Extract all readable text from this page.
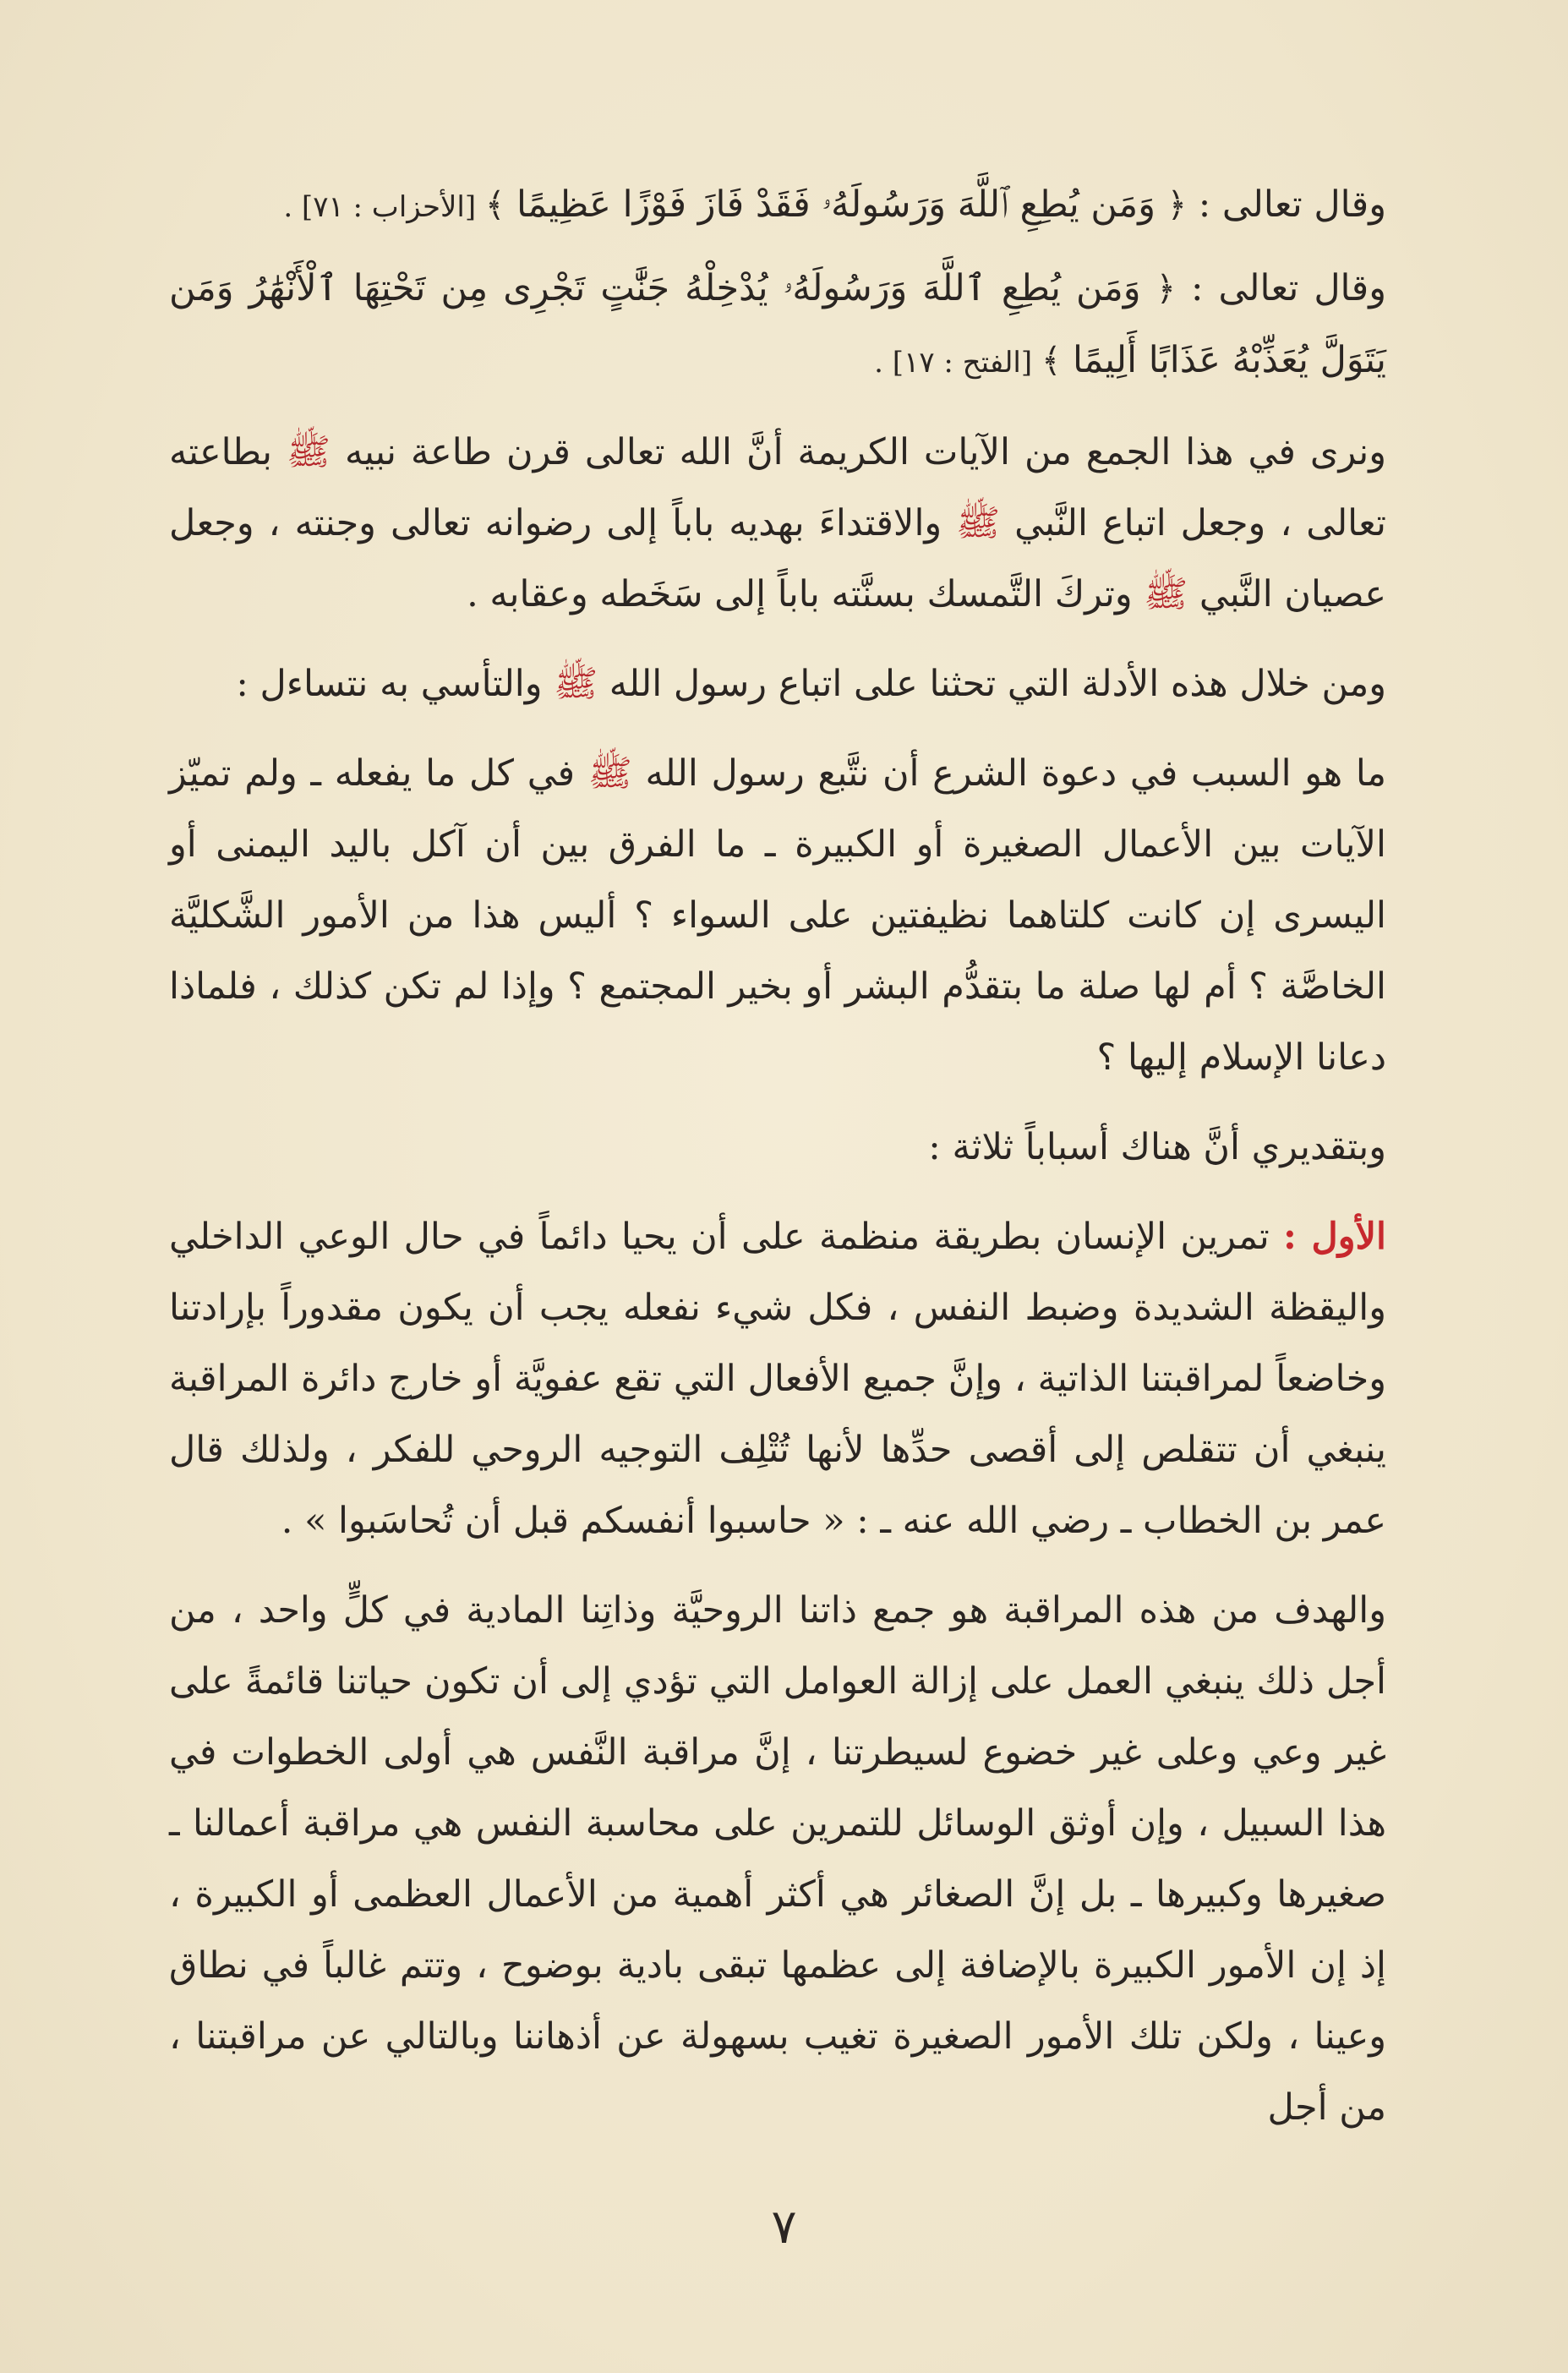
وقال تعالى : ﴿ وَمَن يُطِعِ ٱللَّهَ وَرَسُولَهُۥ فَقَدْ فَازَ فَوْزًا عَظِيمًا ﴾ [الأحزاب : ٧١] .

وقال تعالى : ﴿ وَمَن يُطِعِ ٱللَّهَ وَرَسُولَهُۥ يُدْخِلْهُ جَنَّٰتٍ تَجْرِى مِن تَحْتِهَا ٱلْأَنْهَٰرُ وَمَن يَتَوَلَّ يُعَذِّبْهُ عَذَابًا أَلِيمًا ﴾ [الفتح : ١٧] .

ونرى في هذا الجمع من الآيات الكريمة أنَّ الله تعالى قرن طاعة نبيه ﷺ بطاعته تعالى ، وجعل اتباع النَّبي ﷺ والاقتداءَ بهديه باباً إلى رضوانه تعالى وجنته ، وجعل عصيان النَّبي ﷺ وتركَ التَّمسك بسنَّته باباً إلى سَخَطه وعقابه .

ومن خلال هذه الأدلة التي تحثنا على اتباع رسول الله ﷺ والتأسي به نتساءل :

ما هو السبب في دعوة الشرع أن نتَّبع رسول الله ﷺ في كل ما يفعله ـ ولم تميّز الآيات بين الأعمال الصغيرة أو الكبيرة ـ ما الفرق بين أن آكل باليد اليمنى أو اليسرى إن كانت كلتاهما نظيفتين على السواء ؟ أليس هذا من الأمور الشَّكليَّة الخاصَّة ؟ أم لها صلة ما بتقدُّم البشر أو بخير المجتمع ؟ وإذا لم تكن كذلك ، فلماذا دعانا الإسلام إليها ؟

وبتقديري أنَّ هناك أسباباً ثلاثة :

الأول : تمرين الإنسان بطريقة منظمة على أن يحيا دائماً في حال الوعي الداخلي واليقظة الشديدة وضبط النفس ، فكل شيء نفعله يجب أن يكون مقدوراً بإرادتنا وخاضعاً لمراقبتنا الذاتية ، وإنَّ جميع الأفعال التي تقع عفويَّة أو خارج دائرة المراقبة ينبغي أن تتقلص إلى أقصى حدِّها لأنها تُتْلِف التوجيه الروحي للفكر ، ولذلك قال عمر بن الخطاب ـ رضي الله عنه ـ : « حاسبوا أنفسكم قبل أن تُحاسَبوا » .

والهدف من هذه المراقبة هو جمع ذاتنا الروحيَّة وذاتِنا المادية في كلٍّ واحد ، من أجل ذلك ينبغي العمل على إزالة العوامل التي تؤدي إلى أن تكون حياتنا قائمةً على غير وعي وعلى غير خضوع لسيطرتنا ، إنَّ مراقبة النَّفس هي أولى الخطوات في هذا السبيل ، وإن أوثق الوسائل للتمرين على محاسبة النفس هي مراقبة أعمالنا ـ صغيرها وكبيرها ـ بل إنَّ الصغائر هي أكثر أهمية من الأعمال العظمى أو الكبيرة ، إذ إن الأمور الكبيرة بالإضافة إلى عظمها تبقى بادية بوضوح ، وتتم غالباً في نطاق وعينا ، ولكن تلك الأمور الصغيرة تغيب بسهولة عن أذهاننا وبالتالي عن مراقبتنا ، من أجل

٧
